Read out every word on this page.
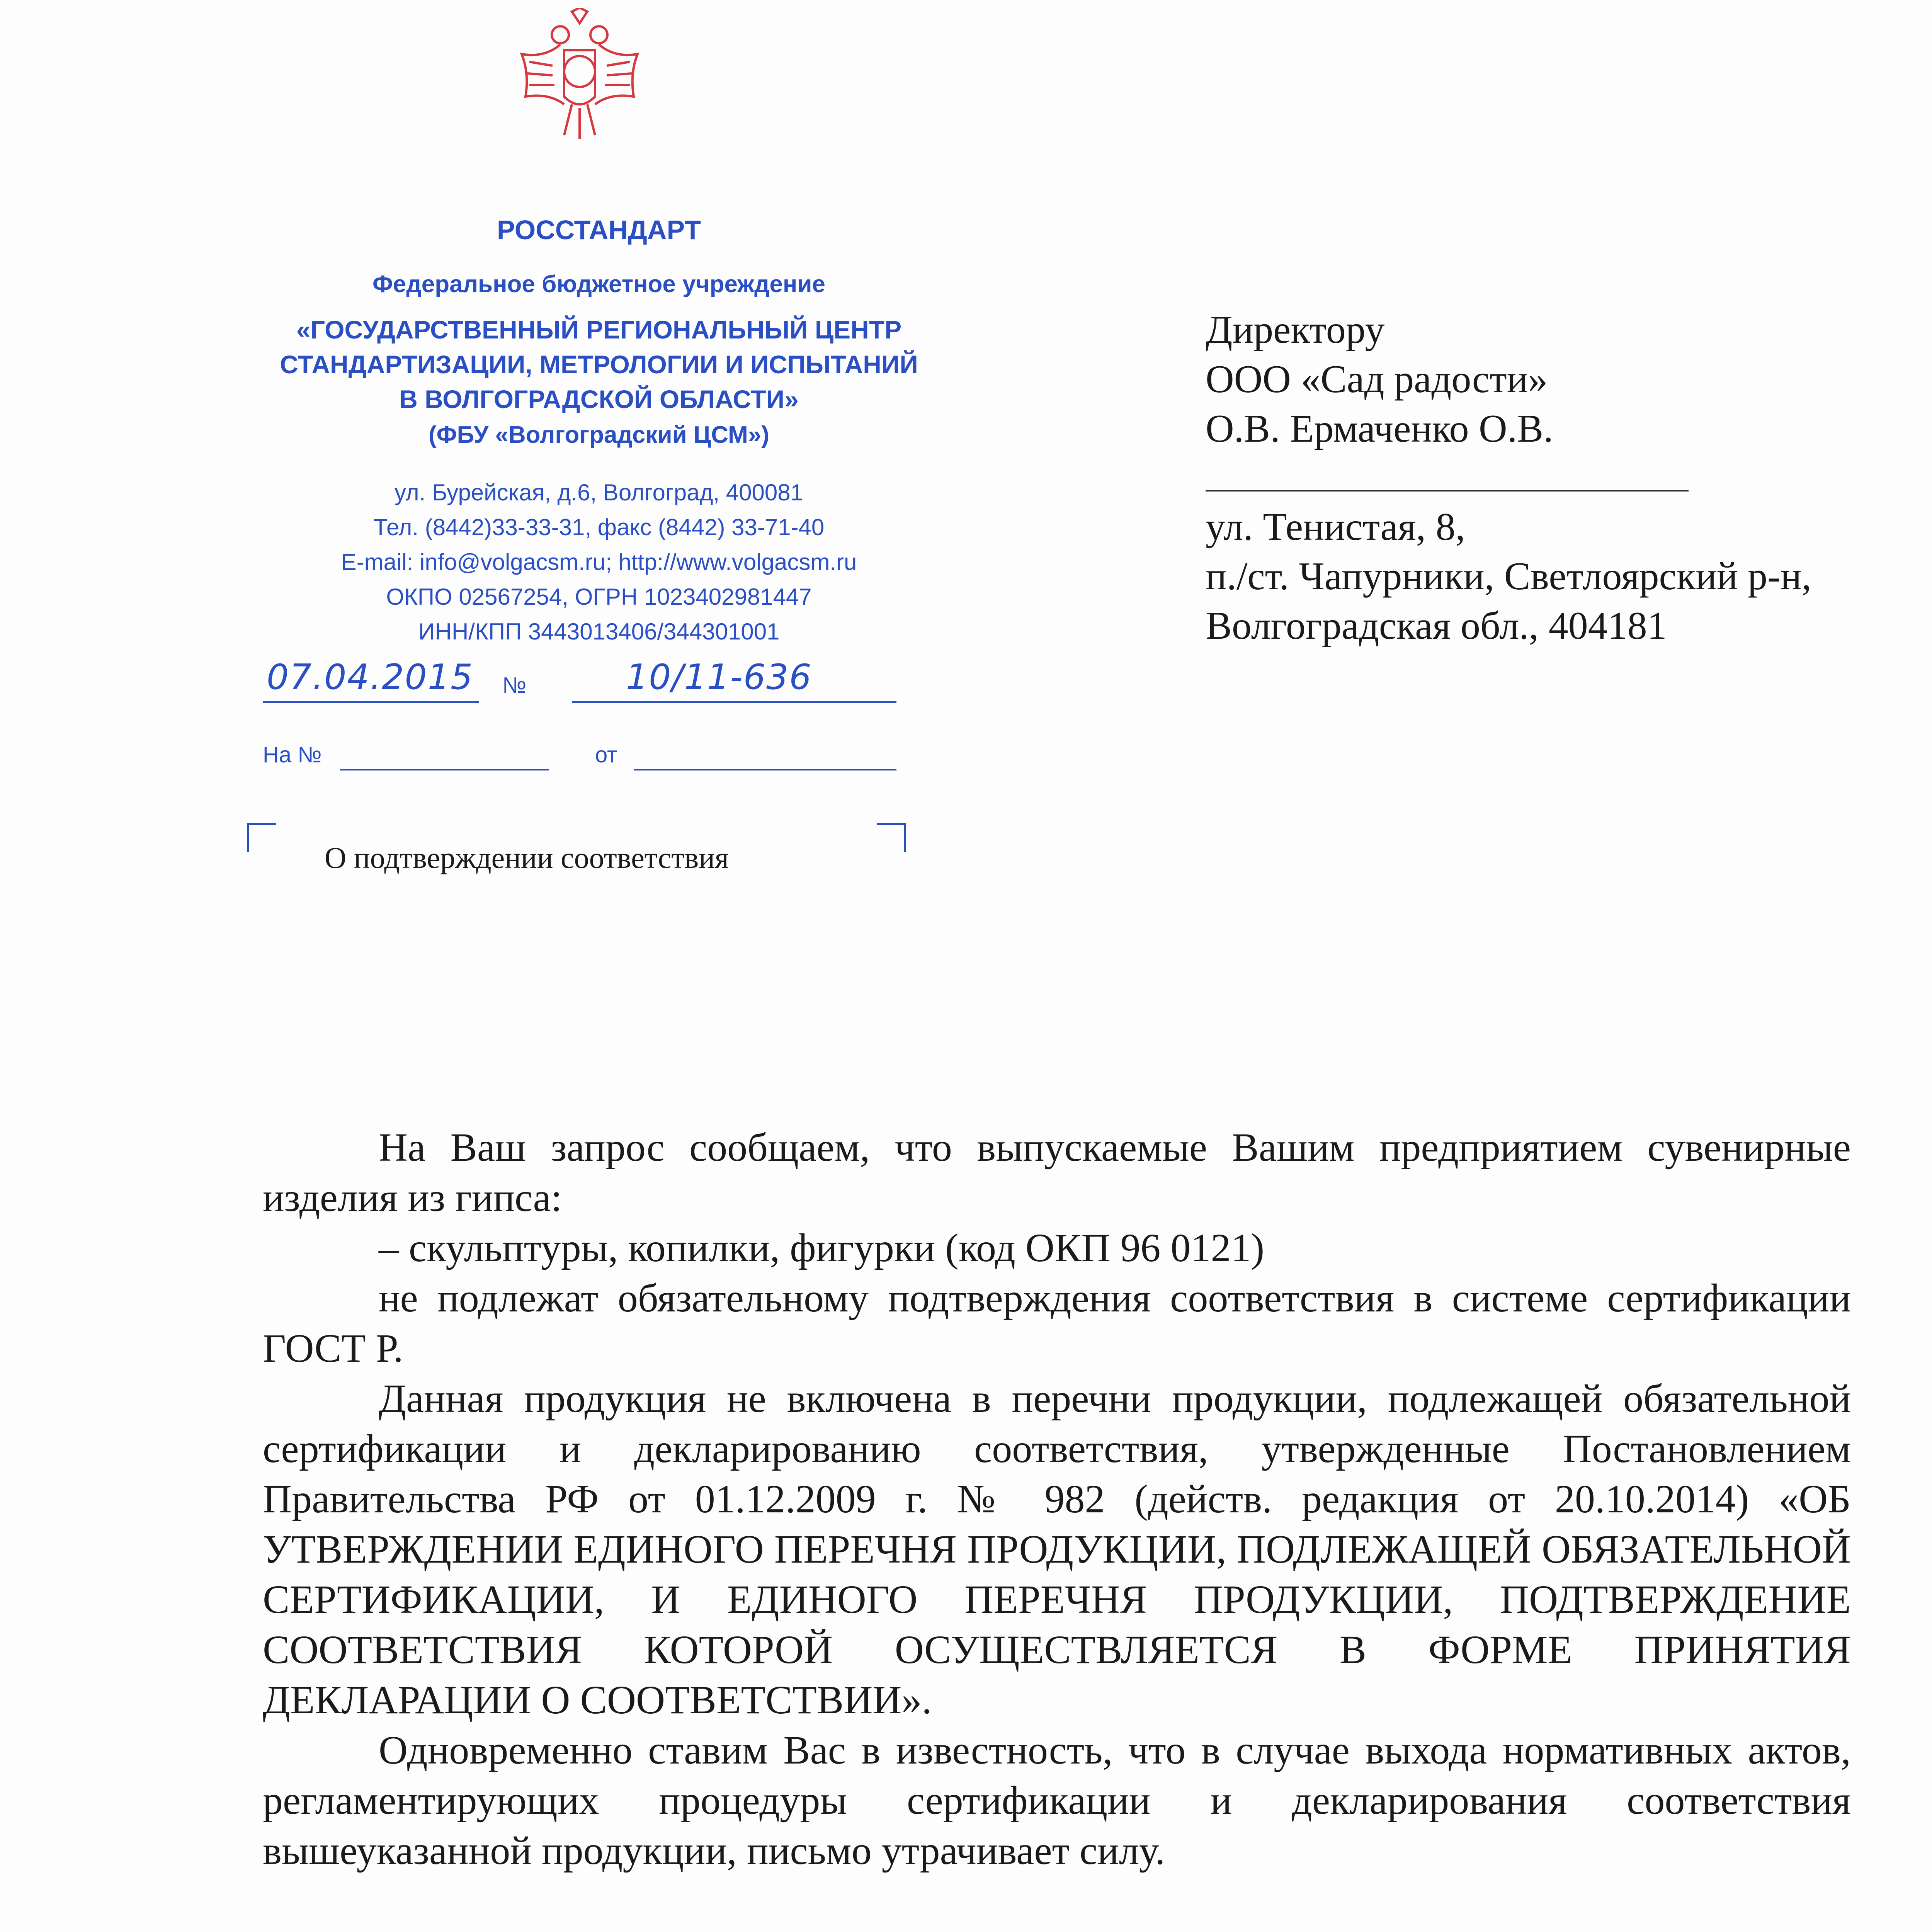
РОССТАНДАРТ
Федеральное бюджетное учреждение
«ГОСУДАРСТВЕННЫЙ РЕГИОНАЛЬНЫЙ ЦЕНТР
СТАНДАРТИЗАЦИИ, МЕТРОЛОГИИ И ИСПЫТАНИЙ
В ВОЛГОГРАДСКОЙ ОБЛАСТИ»
(ФБУ «Волгоградский ЦСМ»)
ул. Бурейская, д.6, Волгоград, 400081
Тел. (8442)33-33-31, факс (8442) 33-71-40
E-mail: info@volgacsm.ru; http://www.volgacsm.ru
ОКПО 02567254, ОГРН 1023402981447
ИНН/КПП 3443013406/344301001
07.04.2015 №	10/11-636
На №	от
О подтверждении соответствия
Директору
ООО «Сад радости»
О.В. Ермаченко О.В.
ул. Тенистая, 8,
п./ст. Чапурники, Светлоярский р-н,
Волгоградская обл., 404181

На Ваш запрос сообщаем, что выпускаемые Вашим предприятием сувенирные изделия из гипса:

– скульптуры, копилки, фигурки (код ОКП 96 0121)

не подлежат обязательному подтверждения соответствия в системе сертификации ГОСТ Р.

Данная продукция не включена в перечни продукции, подлежащей обязательной сертификации и декларированию соответствия, утвержденные Постановлением Правительства РФ от 01.12.2009 г. № 982 (действ. редакция от 20.10.2014) «ОБ УТВЕРЖДЕНИИ ЕДИНОГО ПЕРЕЧНЯ ПРОДУКЦИИ, ПОДЛЕЖАЩЕЙ ОБЯЗАТЕЛЬНОЙ СЕРТИФИКАЦИИ, И ЕДИНОГО ПЕРЕЧНЯ ПРОДУКЦИИ, ПОДТВЕРЖДЕНИЕ СООТВЕТСТВИЯ КОТОРОЙ ОСУЩЕСТВЛЯЕТСЯ В ФОРМЕ ПРИНЯТИЯ ДЕКЛАРАЦИИ О СООТВЕТСТВИИ».

Одновременно ставим Вас в известность, что в случае выхода нормативных актов, регламентирующих процедуры сертификации и декларирования соответствия вышеуказанной продукции, письмо утрачивает силу.
